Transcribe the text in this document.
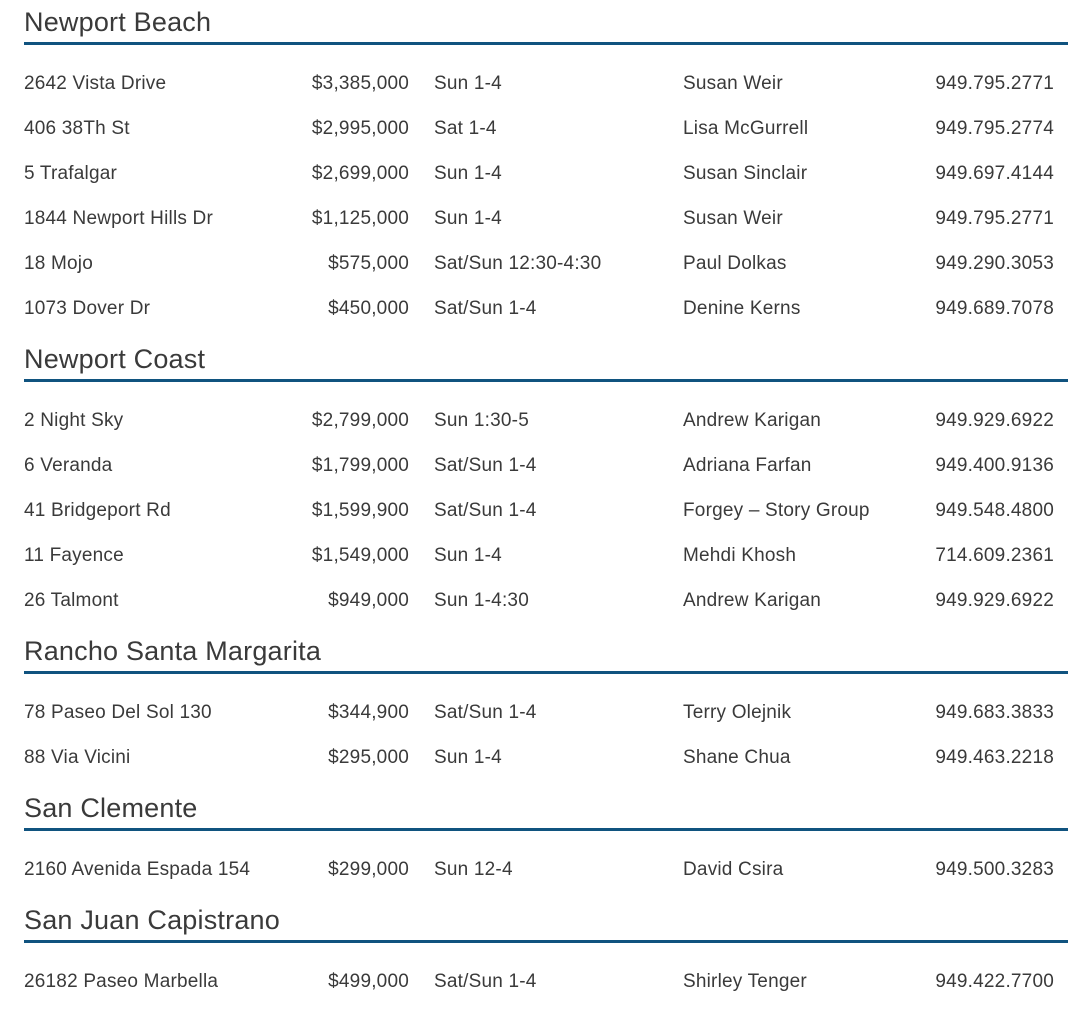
Newport Beach
2642 Vista Drive	$3,385,000	Sun 1-4	Susan Weir	949.795.2771
406 38Th St	$2,995,000	Sat 1-4	Lisa McGurrell	949.795.2774
5 Trafalgar	$2,699,000	Sun 1-4	Susan Sinclair	949.697.4144
1844 Newport Hills Dr	$1,125,000	Sun 1-4	Susan Weir	949.795.2771
18 Mojo	$575,000	Sat/Sun 12:30-4:30	Paul Dolkas	949.290.3053
1073 Dover Dr	$450,000	Sat/Sun 1-4	Denine Kerns	949.689.7078
Newport Coast
2 Night Sky	$2,799,000	Sun 1:30-5	Andrew Karigan	949.929.6922
6 Veranda	$1,799,000	Sat/Sun 1-4	Adriana Farfan	949.400.9136
41 Bridgeport Rd	$1,599,900	Sat/Sun 1-4	Forgey – Story Group	949.548.4800
11 Fayence	$1,549,000	Sun 1-4	Mehdi Khosh	714.609.2361
26 Talmont	$949,000	Sun 1-4:30	Andrew Karigan	949.929.6922
Rancho Santa Margarita
78 Paseo Del Sol 130	$344,900	Sat/Sun 1-4	Terry Olejnik	949.683.3833
88 Via Vicini	$295,000	Sun 1-4	Shane Chua	949.463.2218
San Clemente
2160 Avenida Espada 154	$299,000	Sun 12-4	David Csira	949.500.3283
San Juan Capistrano
26182 Paseo Marbella	$499,000	Sat/Sun 1-4	Shirley Tenger	949.422.7700
